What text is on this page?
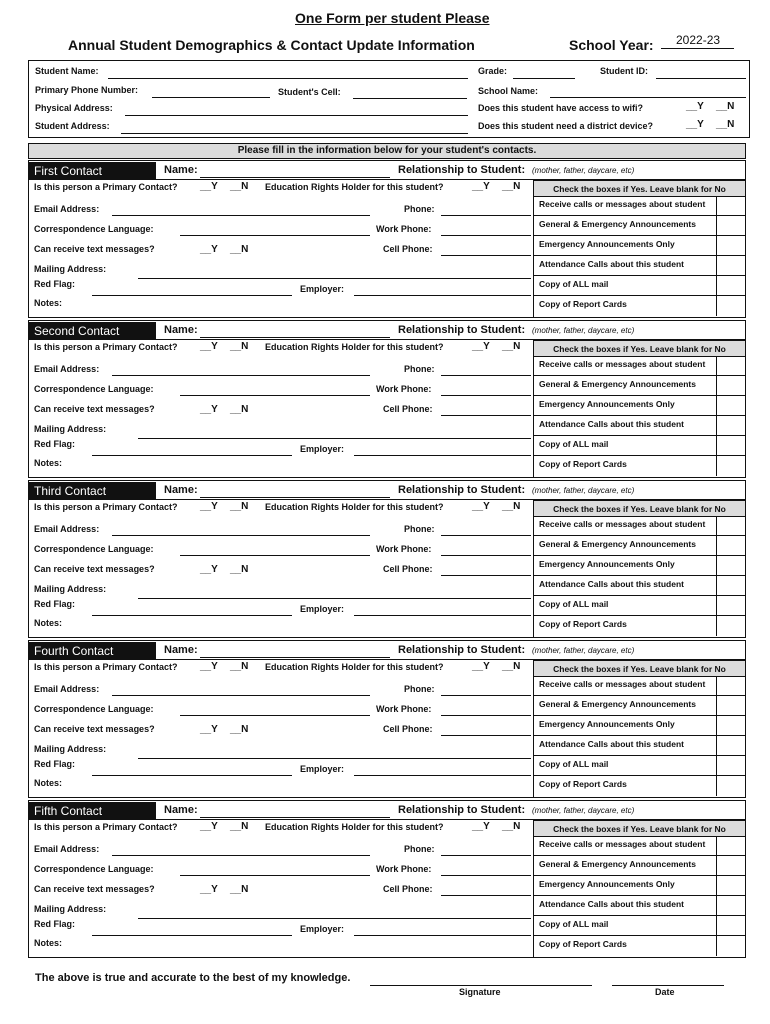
One Form per student Please
Annual Student Demographics & Contact Update Information	School Year: 2022-23
Student Name:	Grade:	Student ID:
Primary Phone Number:	Student's Cell:	School Name:
Physical Address:	Does this student have access to wifi?	__Y __N
Student Address:	Does this student need a district device?	__Y __N
Please fill in the information below for your student's contacts.
First Contact	Name:	Relationship to Student: (mother, father, daycare, etc)
Is this person a Primary Contact? __Y __N Education Rights Holder for this student?	__Y __N	Check the boxes if Yes. Leave blank for No
Receive calls or messages about student
General & Emergency Announcements
Emergency Announcements Only
Attendance Calls about this student
Copy of ALL mail
Copy of Report Cards
Email Address:	Phone:
Correspondence Language:	Work Phone:
Can receive text messages?	__Y __N	Cell Phone:
Mailing Address:
Red Flag:	Employer:
Notes:
Second Contact	Name:	Relationship to Student: (mother, father, daycare, etc)
Is this person a Primary Contact? __Y __N Education Rights Holder for this student?	__Y __N	Check the boxes if Yes. Leave blank for No
Receive calls or messages about student
General & Emergency Announcements
Emergency Announcements Only
Attendance Calls about this student
Copy of ALL mail
Copy of Report Cards
Email Address:	Phone:
Correspondence Language:	Work Phone:
Can receive text messages?	__Y __N	Cell Phone:
Mailing Address:
Red Flag:	Employer:
Notes:
Third Contact	Name:	Relationship to Student: (mother, father, daycare, etc)
Is this person a Primary Contact? __Y __N Education Rights Holder for this student?	__Y __N	Check the boxes if Yes. Leave blank for No
Receive calls or messages about student
General & Emergency Announcements
Emergency Announcements Only
Attendance Calls about this student
Copy of ALL mail
Copy of Report Cards
Email Address:	Phone:
Correspondence Language:	Work Phone:
Can receive text messages?	__Y __N	Cell Phone:
Mailing Address:
Red Flag:	Employer:
Notes:
Fourth Contact	Name:	Relationship to Student: (mother, father, daycare, etc)
Is this person a Primary Contact? __Y __N Education Rights Holder for this student?	__Y __N	Check the boxes if Yes. Leave blank for No
Receive calls or messages about student
General & Emergency Announcements
Emergency Announcements Only
Attendance Calls about this student
Copy of ALL mail
Copy of Report Cards
Email Address:	Phone:
Correspondence Language:	Work Phone:
Can receive text messages?	__Y __N	Cell Phone:
Mailing Address:
Red Flag:	Employer:
Notes:
Fifth Contact	Name:	Relationship to Student: (mother, father, daycare, etc)
Is this person a Primary Contact? __Y __N Education Rights Holder for this student?	__Y __N	Check the boxes if Yes. Leave blank for No
Receive calls or messages about student
General & Emergency Announcements
Emergency Announcements Only
Attendance Calls about this student
Copy of ALL mail
Copy of Report Cards
Email Address:	Phone:
Correspondence Language:	Work Phone:
Can receive text messages?	__Y __N	Cell Phone:
Mailing Address:
Red Flag:	Employer:
Notes:
The above is true and accurate to the best of my knowledge.
Signature	Date
